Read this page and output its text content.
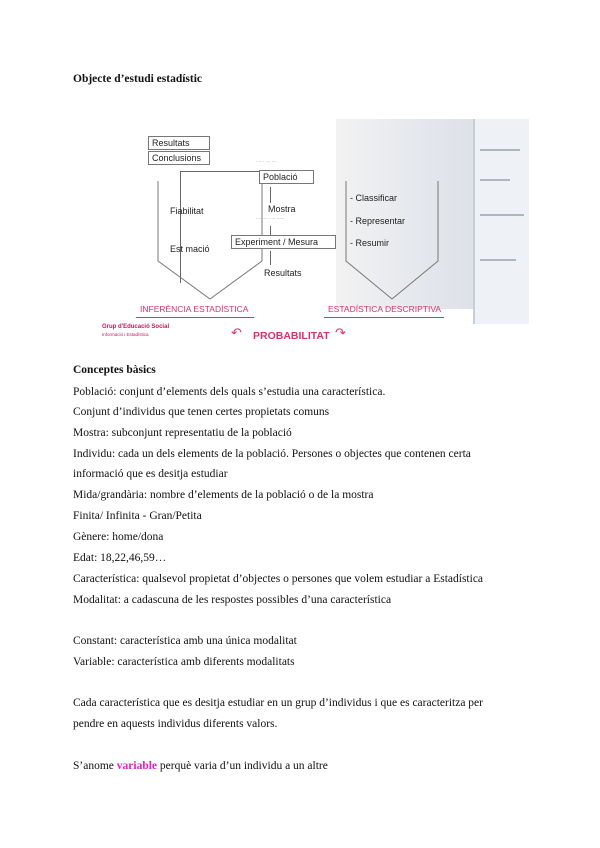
Objecte d’estudi estadístic
Resultats
Conclusions
Fiabilitat
Est maciό
······ ···· ····
Població
Mostra
···· ···· ····· ······
Experiment / Mesura
Resultats
- Classificar
- Representar
- Resumir
INFERÈNCIA ESTADÍSTICA	ESTADÍSTICA DESCRIPTIVA
Grup d'Educació Social
Informació i Estadística	↶ PROBABILITAT ↷
Conceptes bàsics
Població: conjunt d’elements dels quals s’estudia una característica.
Conjunt d’individus que tenen certes propietats comuns
Mostra: subconjunt representatiu de la població
Individu: cada un dels elements de la població. Persones o objectes que contenen certa
informació que es desitja estudiar
Mida/grandària: nombre d’elements de la població o de la mostra
Finita/ Infinita - Gran/Petita
Gènere: home/dona
Edat: 18,22,46,59…
Característica: qualsevol propietat d’objectes o persones que volem estudiar a Estadística
Modalitat: a cadascuna de les respostes possibles d’una característica
Constant: característica amb una única modalitat
Variable: característica amb diferents modalitats
Cada característica que es desitja estudiar en un grup d’individus i que es caracteritza per
pendre en aquests individus diferents valors.
S’anome variable perquè varia d’un individu a un altre
